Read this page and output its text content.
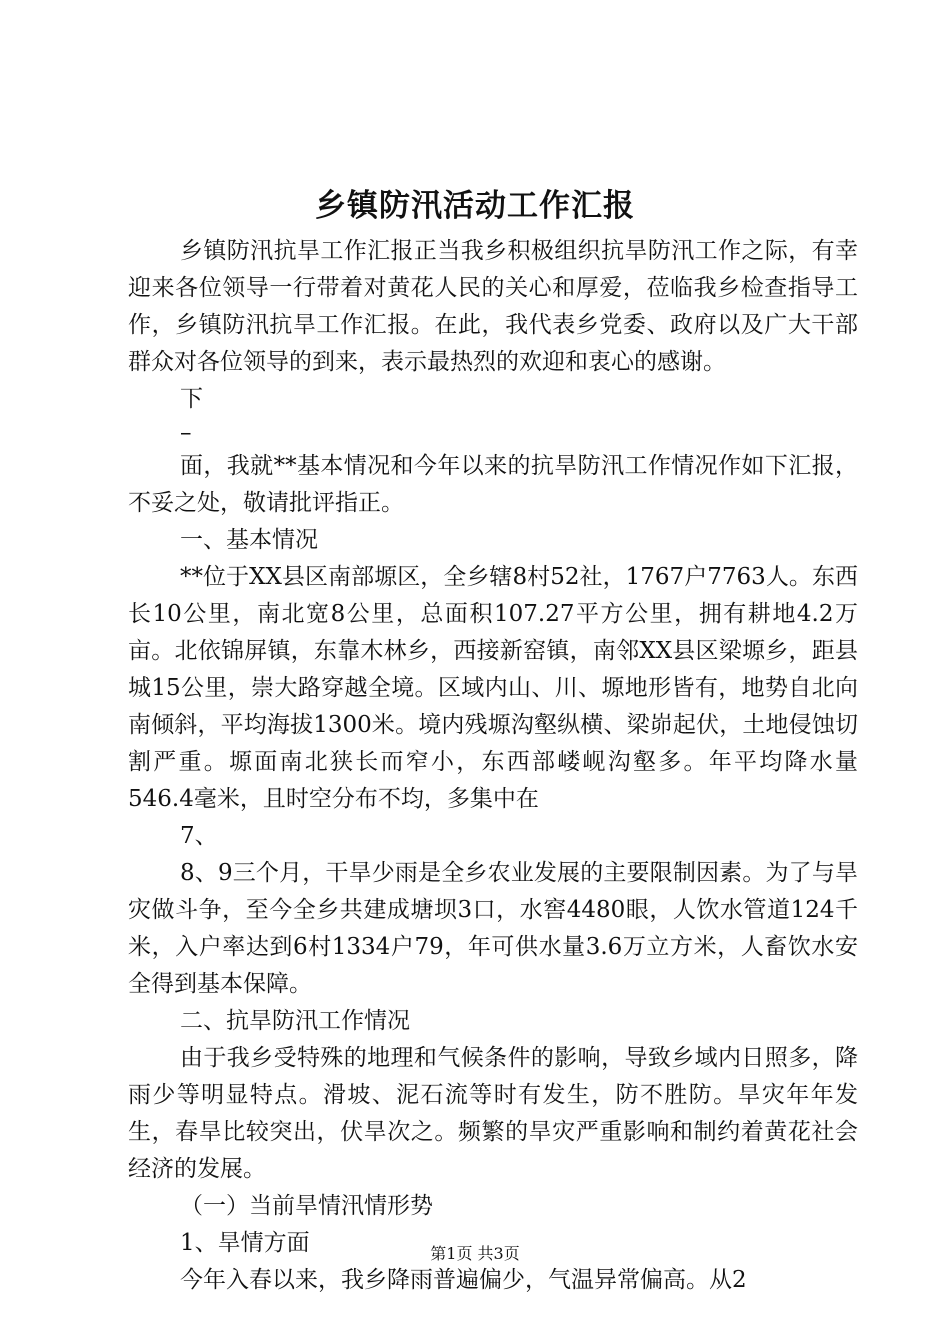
乡镇防汛活动工作汇报

乡镇防汛抗旱工作汇报正当我乡积极组织抗旱防汛工作之际，有幸迎来各位领导一行带着对黄花人民的关心和厚爱，莅临我乡检查指导工作，乡镇防汛抗旱工作汇报。在此，我代表乡党委、政府以及广大干部群众对各位领导的到来，表示最热烈的欢迎和衷心的感谢。

下

–

面，我就**基本情况和今年以来的抗旱防汛工作情况作如下汇报，不妥之处，敬请批评指正。

一、基本情况

**位于XX县区南部塬区，全乡辖8村52社，1767户7763人。东西长10公里，南北宽8公里，总面积107.27平方公里，拥有耕地4.2万亩。北依锦屏镇，东靠木林乡，西接新窑镇，南邻XX县区梁塬乡，距县城15公里，崇大路穿越全境。区域内山、川、塬地形皆有，地势自北向南倾斜，平均海拔1300米。境内残塬沟壑纵横、梁峁起伏，土地侵蚀切割严重。塬面南北狭长而窄小，东西部嵝岘沟壑多。年平均降水量546.4毫米，且时空分布不均，多集中在

7、

8、9三个月，干旱少雨是全乡农业发展的主要限制因素。为了与旱灾做斗争，至今全乡共建成塘坝3口，水窖4480眼，人饮水管道124千米，入户率达到6村1334户79，年可供水量3.6万立方米，人畜饮水安全得到基本保障。

二、抗旱防汛工作情况

由于我乡受特殊的地理和气候条件的影响，导致乡域内日照多，降雨少等明显特点。滑坡、泥石流等时有发生，防不胜防。旱灾年年发生，春旱比较突出，伏旱次之。频繁的旱灾严重影响和制约着黄花社会经济的发展。

（一）当前旱情汛情形势

1、旱情方面

今年入春以来，我乡降雨普遍偏少，气温异常偏高。从2

第1页 共3页
